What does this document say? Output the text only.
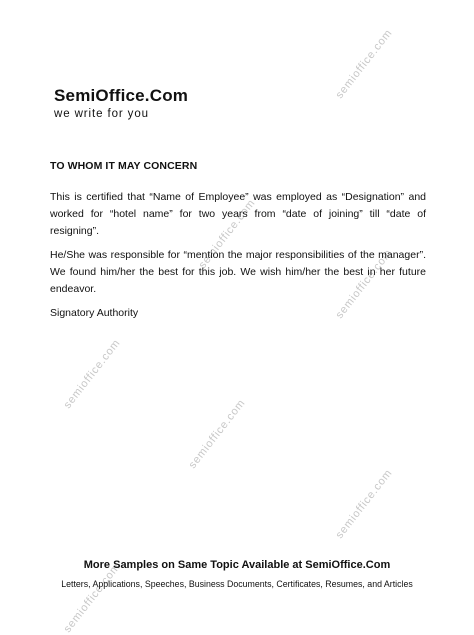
semioffice.com
semioffice.com
semioffice.com
semioffice.com
semioffice.com
semioffice.com
semioffice.com
SemiOffice.Com
we write for you
TO WHOM IT MAY CONCERN
This is certified that “Name of Employee” was employed as “Designation” and worked for “hotel name” for two years from “date of joining” till “date of resigning”.
He/She was responsible for “mention the major responsibilities of the manager”. We found him/her the best for this job. We wish him/her the best in her future endeavor.
Signatory Authority
More Samples on Same Topic Available at SemiOffice.Com
Letters, Applications, Speeches, Business Documents, Certificates, Resumes, and Articles
